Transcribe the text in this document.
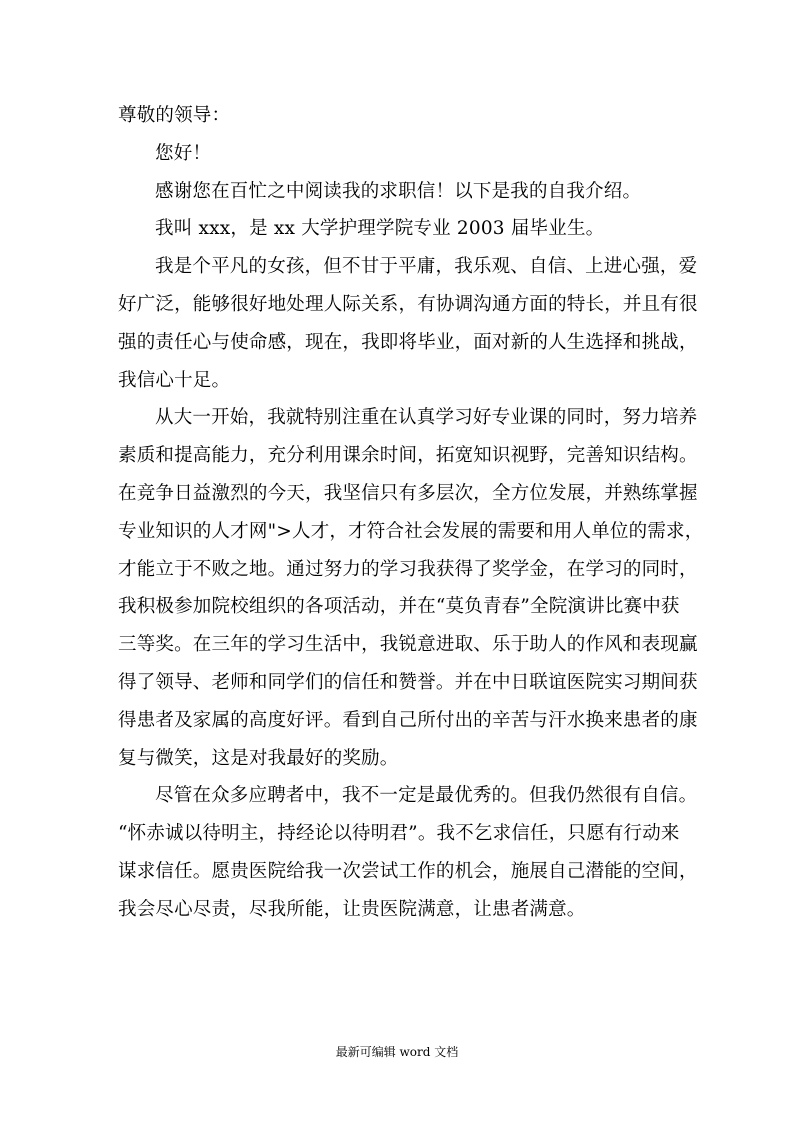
尊敬的领导：
您好！
感谢您在百忙之中阅读我的求职信！以下是我的自我介绍。
我叫 xxx，是 xx 大学护理学院专业 2003 届毕业生。
我是个平凡的女孩，但不甘于平庸，我乐观、自信、上进心强，爱
好广泛，能够很好地处理人际关系，有协调沟通方面的特长，并且有很
强的责任心与使命感，现在，我即将毕业，面对新的人生选择和挑战，
我信心十足。
从大一开始，我就特别注重在认真学习好专业课的同时，努力培养
素质和提高能力，充分利用课余时间，拓宽知识视野，完善知识结构。
在竞争日益激烈的今天，我坚信只有多层次，全方位发展，并熟练掌握
专业知识的人才网">人才，才符合社会发展的需要和用人单位的需求，
才能立于不败之地。通过努力的学习我获得了奖学金，在学习的同时，
我积极参加院校组织的各项活动，并在“莫负青春”全院演讲比赛中获
三等奖。在三年的学习生活中，我锐意进取、乐于助人的作风和表现赢
得了领导、老师和同学们的信任和赞誉。并在中日联谊医院实习期间获
得患者及家属的高度好评。看到自己所付出的辛苦与汗水换来患者的康
复与微笑，这是对我最好的奖励。
尽管在众多应聘者中，我不一定是最优秀的。但我仍然很有自信。
“怀赤诚以待明主，持经论以待明君”。我不乞求信任，只愿有行动来
谋求信任。愿贵医院给我一次尝试工作的机会，施展自己潜能的空间，
我会尽心尽责，尽我所能，让贵医院满意，让患者满意。
最新可编辑 word 文档
